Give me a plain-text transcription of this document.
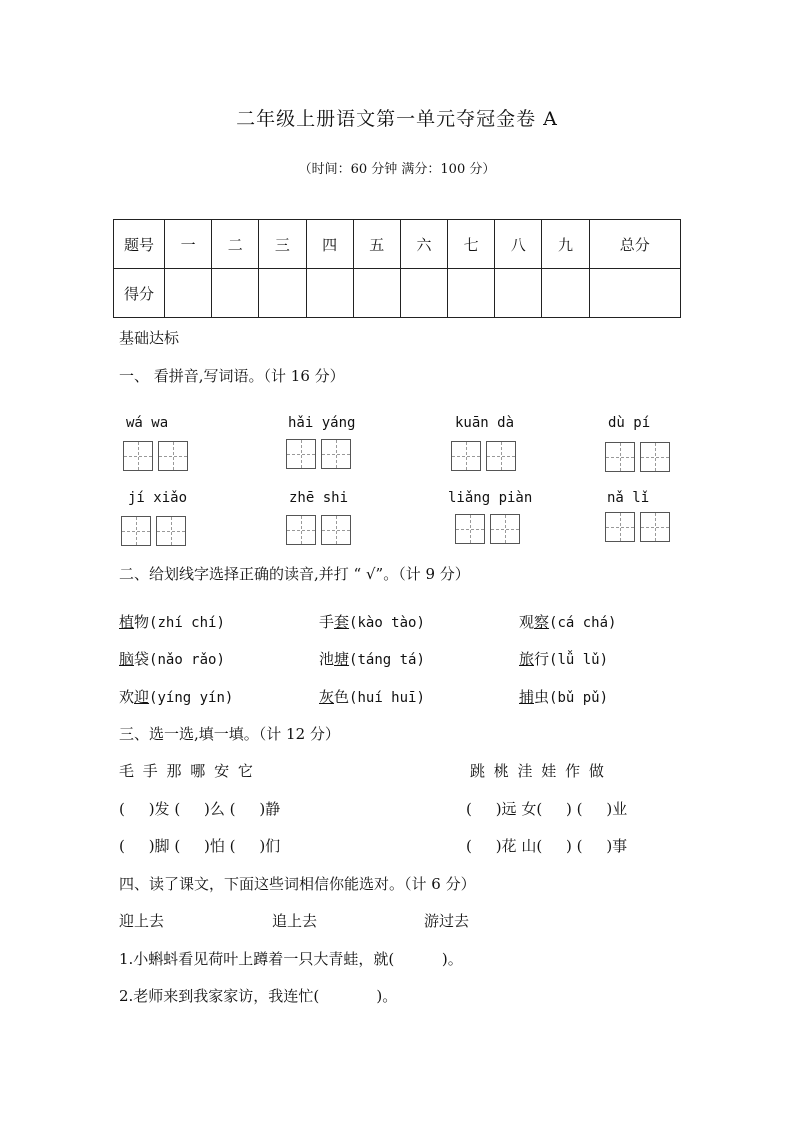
二年级上册语文第一单元夺冠金卷 A
（时间：60 分钟 满分：100 分）
题号	一	二	三	四	五	六	七	八	九	总分
得分										
基础达标
一、 看拼音,写词语。（计 16 分）
wá wa	hǎi yáng	kuān dà	dù pí
jí xiǎo	zhē shi	liǎng piàn	nǎ lǐ
二、给划线字选择正确的读音,并打 “ √”。（计 9 分）
植物(zhí chí)	手套(kào tào)	观察(cá chá)
脑袋(nǎo rǎo)	池塘(táng tá)	旅行(lǚ lǔ)
欢迎(yíng yín)	灰色(huí huī)	捕虫(bǔ pǔ)
三、选一选,填一填。（计 12 分）
毛 手 那 哪 安 它	跳 桃 洼 娃 作 做
(     )发 (     )么 (     )静	(     )远 女(     ) (     )业
(     )脚 (     )怕 (     )们	(     )花 山(     ) (     )事
四、读了课文，下面这些词相信你能选对。（计 6 分）
迎上去	追上去	游过去
1.小蝌蚪看见荷叶上蹲着一只大青蛙，就(          )。
2.老师来到我家家访，我连忙(            )。
